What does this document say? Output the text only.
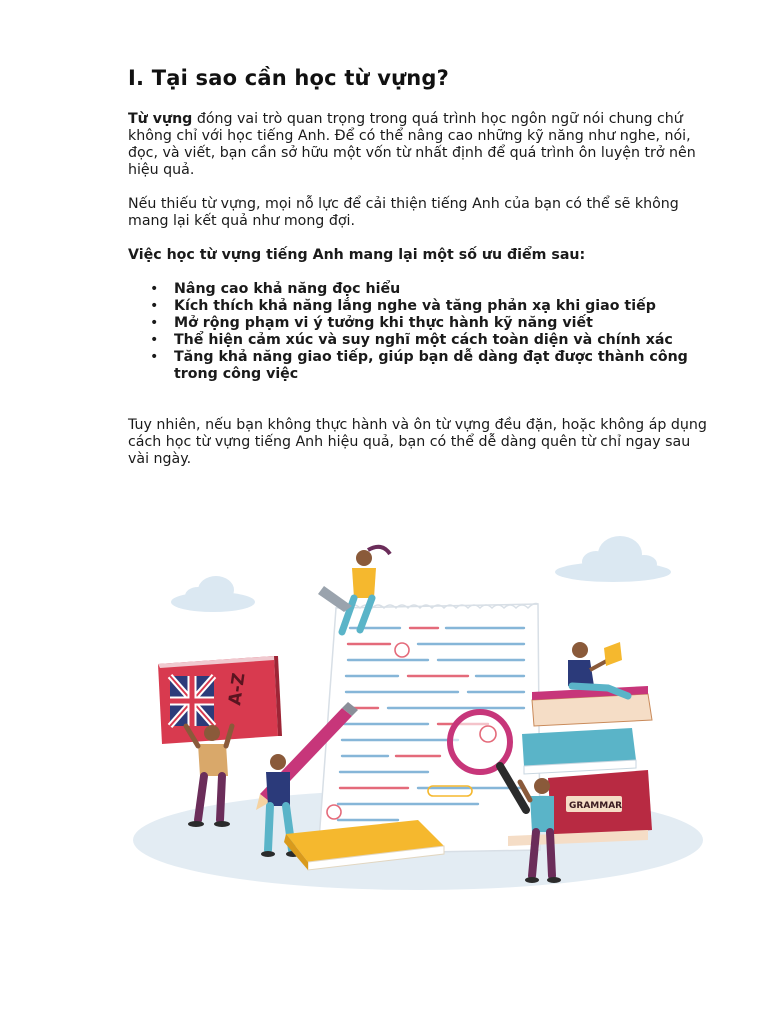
I. Tại sao cần học từ vựng?

Từ vựng đóng vai trò quan trọng trong quá trình học ngôn ngữ nói chung chứ không chỉ với học tiếng Anh. Để có thể nâng cao những kỹ năng như nghe, nói, đọc, và viết, bạn cần sở hữu một vốn từ nhất định để quá trình ôn luyện trở nên hiệu quả.

Nếu thiếu từ vựng, mọi nỗ lực để cải thiện tiếng Anh của bạn có thể sẽ không mang lại kết quả như mong đợi.

Việc học từ vựng tiếng Anh mang lại một số ưu điểm sau:

• Nâng cao khả năng đọc hiểu
• Kích thích khả năng lắng nghe và tăng phản xạ khi giao tiếp
• Mở rộng phạm vi ý tưởng khi thực hành kỹ năng viết
• Thể hiện cảm xúc và suy nghĩ một cách toàn diện và chính xác
• Tăng khả năng giao tiếp, giúp bạn dễ dàng đạt được thành công trong công việc

Tuy nhiên, nếu bạn không thực hành và ôn từ vựng đều đặn, hoặc không áp dụng cách học từ vựng tiếng Anh hiệu quả, bạn có thể dễ dàng quên từ chỉ ngay sau vài ngày.

A-Z
GRAMMAR
